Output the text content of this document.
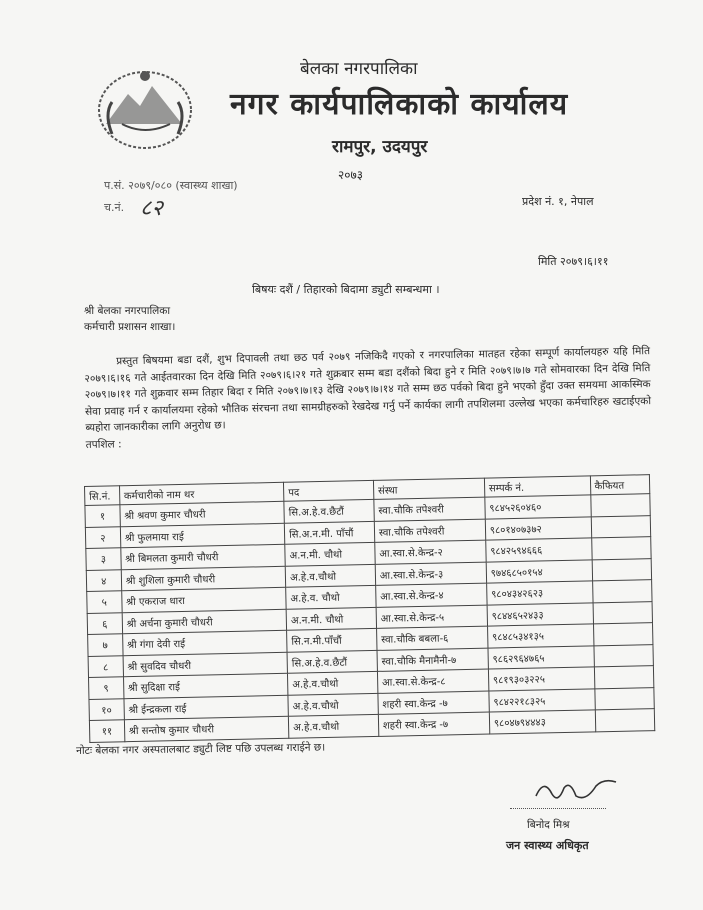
बेलका नगरपालिका
नगर कार्यपालिकाको कार्यालय
रामपुर, उदयपुर
२०७३
प.सं. २०७९/०८० (स्वास्थ्य शाखा)
च.नं. ८२	प्रदेश नं. १, नेपाल
मिति २०७९।६।११
बिषयः दशैं / तिहारको बिदामा ड्युटी सम्बन्धमा ।
श्री बेलका नगरपालिका
कर्मचारी प्रशासन शाखा।
प्रस्तुत बिषयमा बडा दशैं, शुभ दिपावली तथा छठ पर्व २०७९ नजिकिदै गएको र नगरपालिका मातहत रहेका सम्पूर्ण कार्यालयहरु यहि मिति २०७९।६।१६ गते आईतवारका दिन देखि मिति २०७९।६।२१ गते शुक्रबार सम्म बडा दशैंको बिदा हुने र मिति २०७९।७।७ गते सोमवारका दिन देखि मिति २०७९।७।११ गते शुक्रवार सम्म तिहार बिदा र मिति २०७९।७।१३ देखि २०७९।७।१४ गते सम्म छठ पर्वको बिदा हुने भएको हुँदा उक्त समयमा आकस्मिक सेवा प्रवाह गर्न र कार्यालयमा रहेको भौतिक संरचना तथा सामग्रीहरुको रेखदेख गर्नु पर्ने कार्यका लागी तपशिलमा उल्लेख भएका कर्मचारिहरु खटाईएको ब्यहोरा जानकारीका लागि अनुरोध छ।
तपशिल :
सि.नं.	कर्मचारीको नाम थर	पद	संस्था	सम्पर्क नं.	कैफियत
१	श्री श्रवण कुमार चौधरी	सि.अ.हे.व.छैटौं	स्वा.चौकि तपेश्वरी	९८४५२६०४६०	
२	श्री फुलमाया राई	सि.अ.न.मी. पाँचौं	स्वा.चौकि तपेश्वरी	९८०१४०७३७२	
३	श्री बिमलता कुमारी चौधरी	अ.न.मी. चौथो	आ.स्वा.से.केन्द्र-२	९८४२५९४६६६	
४	श्री शुशिला कुमारी चौधरी	अ.हे.व.चौथो	आ.स्वा.से.केन्द्र-३	९७४६८५०१५४	
५	श्री एकराज धारा	अ.हे.व. चौथो	आ.स्वा.से.केन्द्र-४	९८०४३४२६२३	
६	श्री अर्चना कुमारी चौधरी	अ.न.मी. चौथो	आ.स्वा.से.केन्द्र-५	९८४४६५२४३३	
७	श्री गंगा देवी राई	सि.न.मी.पाँचौं	स्वा.चौकि बबला-६	९८४८५३४१३५	
८	श्री सुवदिव चौधरी	सि.अ.हे.व.छैटौं	स्वा.चौकि मैनामैनी-७	९८६२९६४७६५	
९	श्री सुदिक्षा राई	अ.हे.व.चौथो	आ.स्वा.से.केन्द्र-८	९८१९३०३२२५	
१०	श्री ईन्द्रकला राई	अ.हे.व.चौथो	शहरी स्वा.केन्द्र -७	९८४२२१८३२५	
११	श्री सन्तोष कुमार चौधरी	अ.हे.व.चौथो	शहरी स्वा.केन्द्र -७	९८०४७९४४४३	
नोटः बेलका नगर अस्पतालबाट ड्युटी लिष्ट पछि उपलब्ध गराईने छ।
बिनोद मिश्र
जन स्वास्थ्य अधिकृत
